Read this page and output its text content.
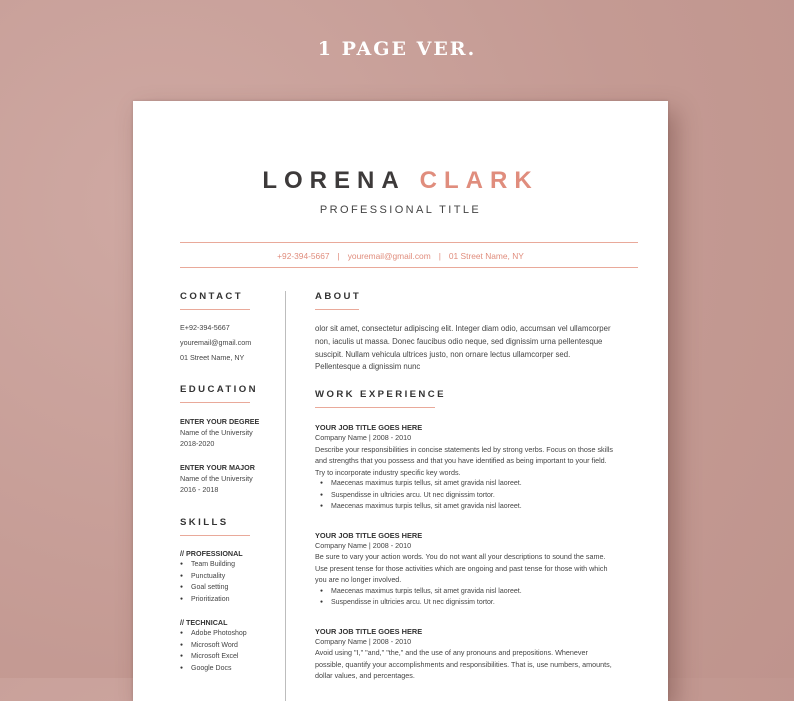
1 PAGE VER.
LORENA CLARK
PROFESSIONAL TITLE
+92-394-5667 | youremail@gmail.com | 01 Street Name, NY
CONTACT
E+92-394-5667
youremail@gmail.com
01 Street Name, NY
EDUCATION
ENTER YOUR DEGREE
Name of the University
2018-2020
ENTER YOUR MAJOR
Name of the University
2016 - 2018
SKILLS
// PROFESSIONAL
● Team Building
● Punctuality
● Goal setting
● Prioritization
// TECHNICAL
● Adobe Photoshop
● Microsoft Word
● Microsoft Excel
● Google Docs
ABOUT
olor sit amet, consectetur adipiscing elit. Integer diam odio, accumsan vel ullamcorper non, iaculis ut massa. Donec faucibus odio neque, sed dignissim urna pellentesque suscipit. Nullam vehicula ultrices justo, non ornare lectus ullamcorper sed. Pellentesque a dignissim nunc
WORK EXPERIENCE
YOUR JOB TITLE GOES HERE
Company Name | 2008 - 2010
Describe your responsibilities in concise statements led by strong verbs. Focus on those skills and strengths that you possess and that you have identified as being important to your field. Try to incorporate industry specific key words.
● Maecenas maximus turpis tellus, sit amet gravida nisl laoreet.
● Suspendisse in ultricies arcu. Ut nec dignissim tortor.
● Maecenas maximus turpis tellus, sit amet gravida nisl laoreet.
YOUR JOB TITLE GOES HERE
Company Name | 2008 - 2010
Be sure to vary your action words. You do not want all your descriptions to sound the same. Use present tense for those activities which are ongoing and past tense for those with which you are no longer involved.
● Maecenas maximus turpis tellus, sit amet gravida nisl laoreet.
● Suspendisse in ultricies arcu. Ut nec dignissim tortor.
YOUR JOB TITLE GOES HERE
Company Name | 2008 - 2010
Avoid using "I," "and," "the," and the use of any pronouns and prepositions. Whenever possible, quantify your accomplishments and responsibilities. That is, use numbers, amounts, dollar values, and percentages.
